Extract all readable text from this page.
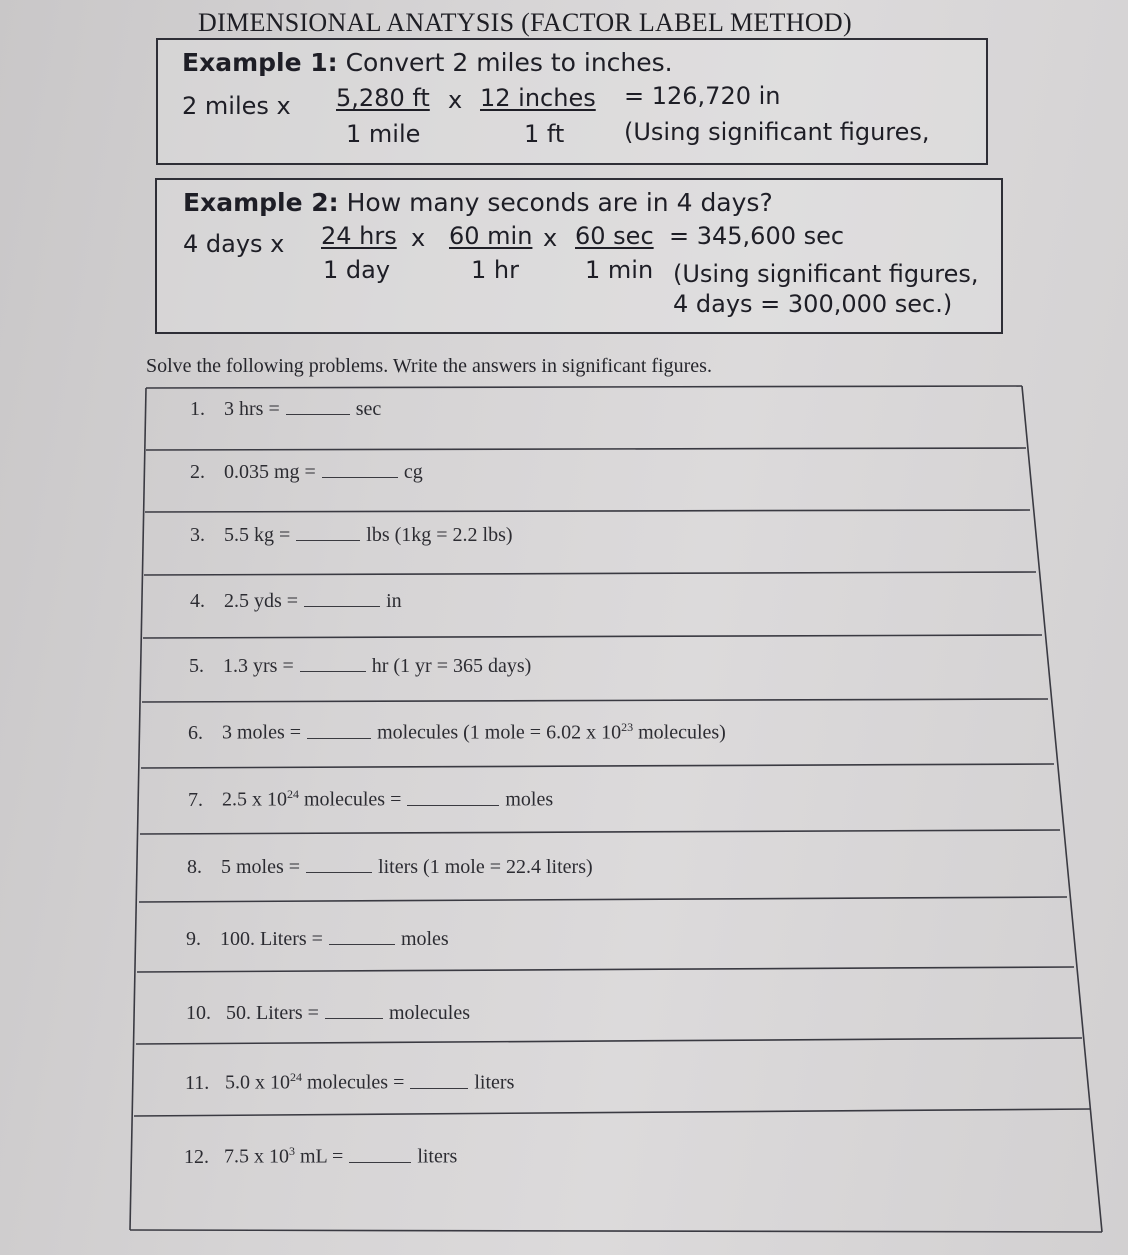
DIMENSIONAL ANATYSIS (FACTOR LABEL METHOD)
Example 1: Convert 2 miles to inches.
2 miles x 5,280 ft
1 mile
x 12 inches
1 ft
= 126,720 in
(Using significant figures,
Example 2: How many seconds are in 4 days?
4 days x 24 hrs
1 day
x 60 min
1 hr
x 60 sec
1 min
= 345,600 sec
(Using significant figures,
4 days = 300,000 sec.)
Solve the following problems. Write the answers in significant figures.
1. 3 hrs =	sec
2. 0.035 mg =	cg
3. 5.5 kg =	lbs (1kg = 2.2 lbs)
4. 2.5 yds =	in
5. 1.3 yrs =	hr (1 yr = 365 days)
6. 3 moles =	molecules (1 mole = 6.02 x $10^{23}$ molecules)
7. 2.5 x $10^{24}$ molecules =	moles
8. 5 moles =	liters (1 mole = 22.4 liters)
9. 100. Liters =	moles
10. 50. Liters =	molecules
11. 5.0 x $10^{24}$ molecules =	liters
12. 7.5 x $10^3$ mL =	liters
